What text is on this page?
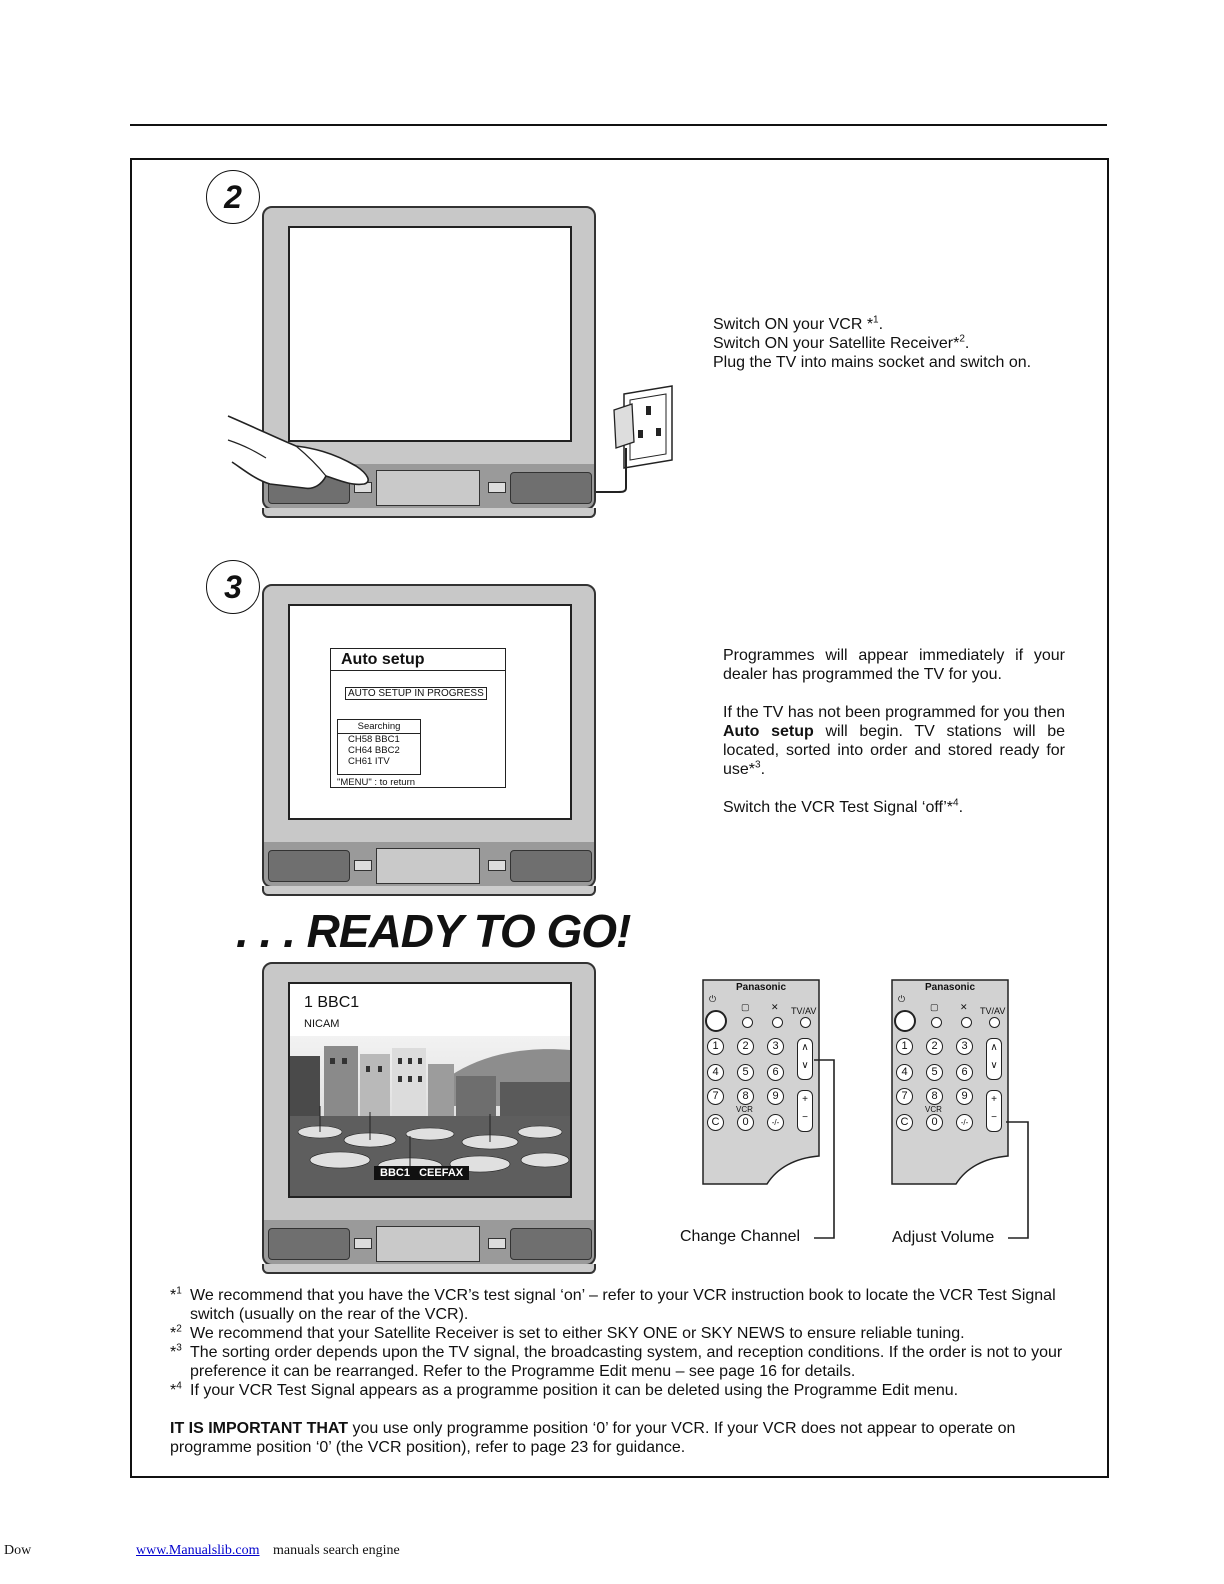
2
Switch ON your VCR *$^1$.
Switch ON your Satellite Receiver*$^2$.
Plug the TV into mains socket and switch on.
3
Auto setup
AUTO SETUP IN PROGRESS
Searching
CH58 BBC1
CH64 BBC2
CH61 ITV
"MENU" : to return
Programmes will appear immediately if your dealer has programmed the TV for you.
If the TV has not been programmed for you then Auto setup will begin. TV stations will be located, sorted into order and stored ready for use*$^3$.
Switch the VCR Test Signal ‘off’*$^4$.
. . . READY TO GO!
1 BBC1
NICAM
BBC1   CEEFAX
Panasonic
⏻
▢ ✕ TV/AV
1	2	3
4	5	6
7	8	9
VCR
C	0	-/-
∧
∨
+
−
Panasonic
⏻
▢ ✕ TV/AV
1	2	3
4	5	6
7	8	9
VCR
C	0	-/-
∧
∨
+
−
Change Channel	Adjust Volume
*$^1$ We recommend that you have the VCR’s test signal ‘on’ – refer to your VCR instruction book to locate the VCR Test Signal switch (usually on the rear of the VCR).
*$^2$ We recommend that your Satellite Receiver is set to either SKY ONE or SKY NEWS to ensure reliable tuning.
*$^3$ The sorting order depends upon the TV signal, the broadcasting system, and reception conditions. If the order is not to your preference it can be rearranged. Refer to the Programme Edit menu – see page 16 for details.
*$^4$ If your VCR Test Signal appears as a programme position it can be deleted using the Programme Edit menu.
IT IS IMPORTANT THAT you use only programme position ‘0’ for your VCR. If your VCR does not appear to operate on programme position ‘0’ (the VCR position), refer to page 23 for guidance.
Dow	www.Manualslib.com manuals search engine
